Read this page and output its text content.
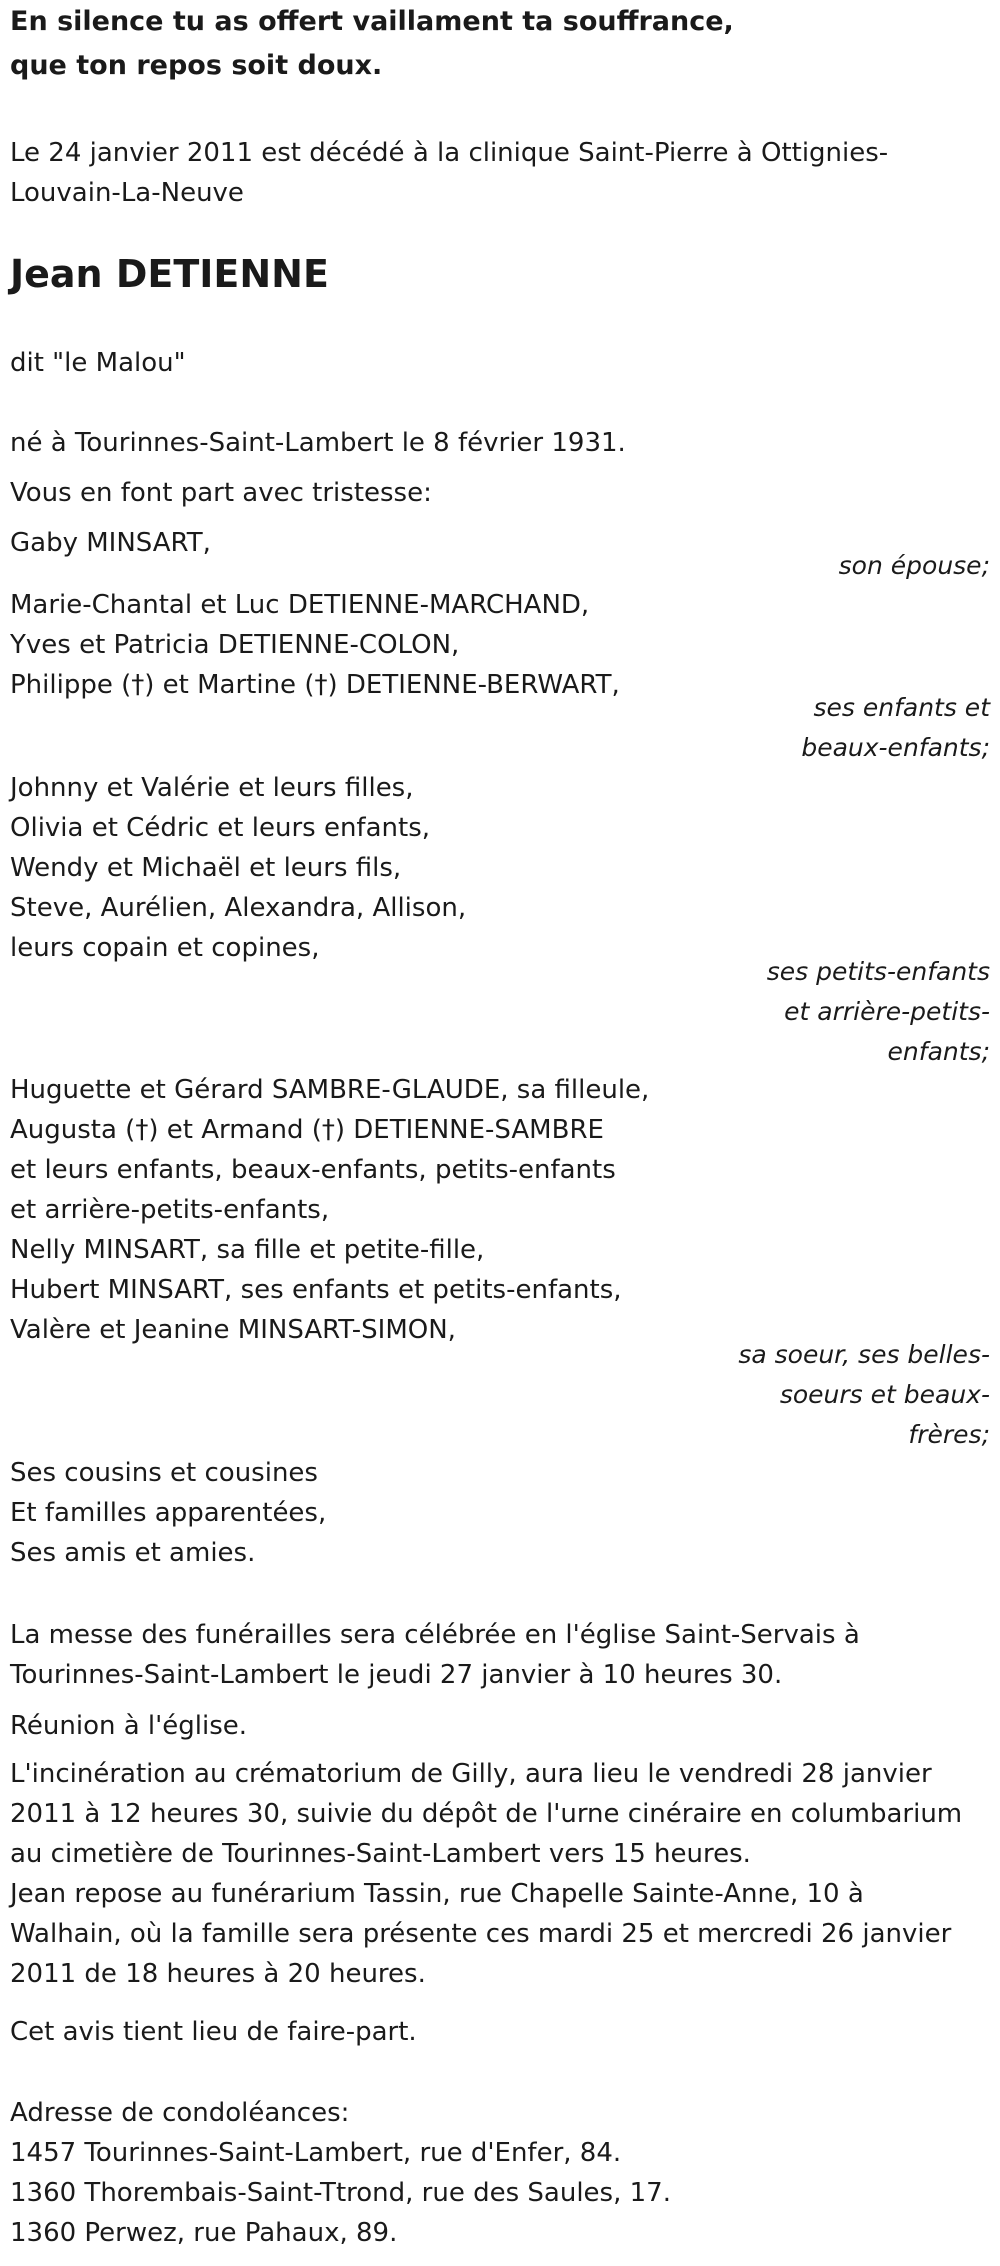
En silence tu as offert vaillament ta souffrance,
que ton repos soit doux.
Le 24 janvier 2011 est décédé à la clinique Saint-Pierre à Ottignies-
Louvain-La-Neuve
Jean DETIENNE
dit "le Malou"
né à Tourinnes-Saint-Lambert le 8 février 1931.
Vous en font part avec tristesse:
Gaby MINSART,
son épouse;
Marie-Chantal et Luc DETIENNE-MARCHAND,
Yves et Patricia DETIENNE-COLON,
Philippe (†) et Martine (†) DETIENNE-BERWART,
ses enfants et
beaux-enfants;
Johnny et Valérie et leurs filles,
Olivia et Cédric et leurs enfants,
Wendy et Michaël et leurs fils,
Steve, Aurélien, Alexandra, Allison,
leurs copain et copines,
ses petits-enfants
et arrière-petits-
enfants;
Huguette et Gérard SAMBRE-GLAUDE, sa filleule,
Augusta (†) et Armand (†) DETIENNE-SAMBRE
et leurs enfants, beaux-enfants, petits-enfants
et arrière-petits-enfants,
Nelly MINSART, sa fille et petite-fille,
Hubert MINSART, ses enfants et petits-enfants,
Valère et Jeanine MINSART-SIMON,
sa soeur, ses belles-
soeurs et beaux-
frères;
Ses cousins et cousines
Et familles apparentées,
Ses amis et amies.
La messe des funérailles sera célébrée en l'église Saint-Servais à
Tourinnes-Saint-Lambert le jeudi 27 janvier à 10 heures 30.
Réunion à l'église.
L'incinération au crématorium de Gilly, aura lieu le vendredi 28 janvier
2011 à 12 heures 30, suivie du dépôt de l'urne cinéraire en columbarium
au cimetière de Tourinnes-Saint-Lambert vers 15 heures.
Jean repose au funérarium Tassin, rue Chapelle Sainte-Anne, 10 à
Walhain, où la famille sera présente ces mardi 25 et mercredi 26 janvier
2011 de 18 heures à 20 heures.
Cet avis tient lieu de faire-part.
Adresse de condoléances:
1457 Tourinnes-Saint-Lambert, rue d'Enfer, 84.
1360 Thorembais-Saint-Ttrond, rue des Saules, 17.
1360 Perwez, rue Pahaux, 89.
